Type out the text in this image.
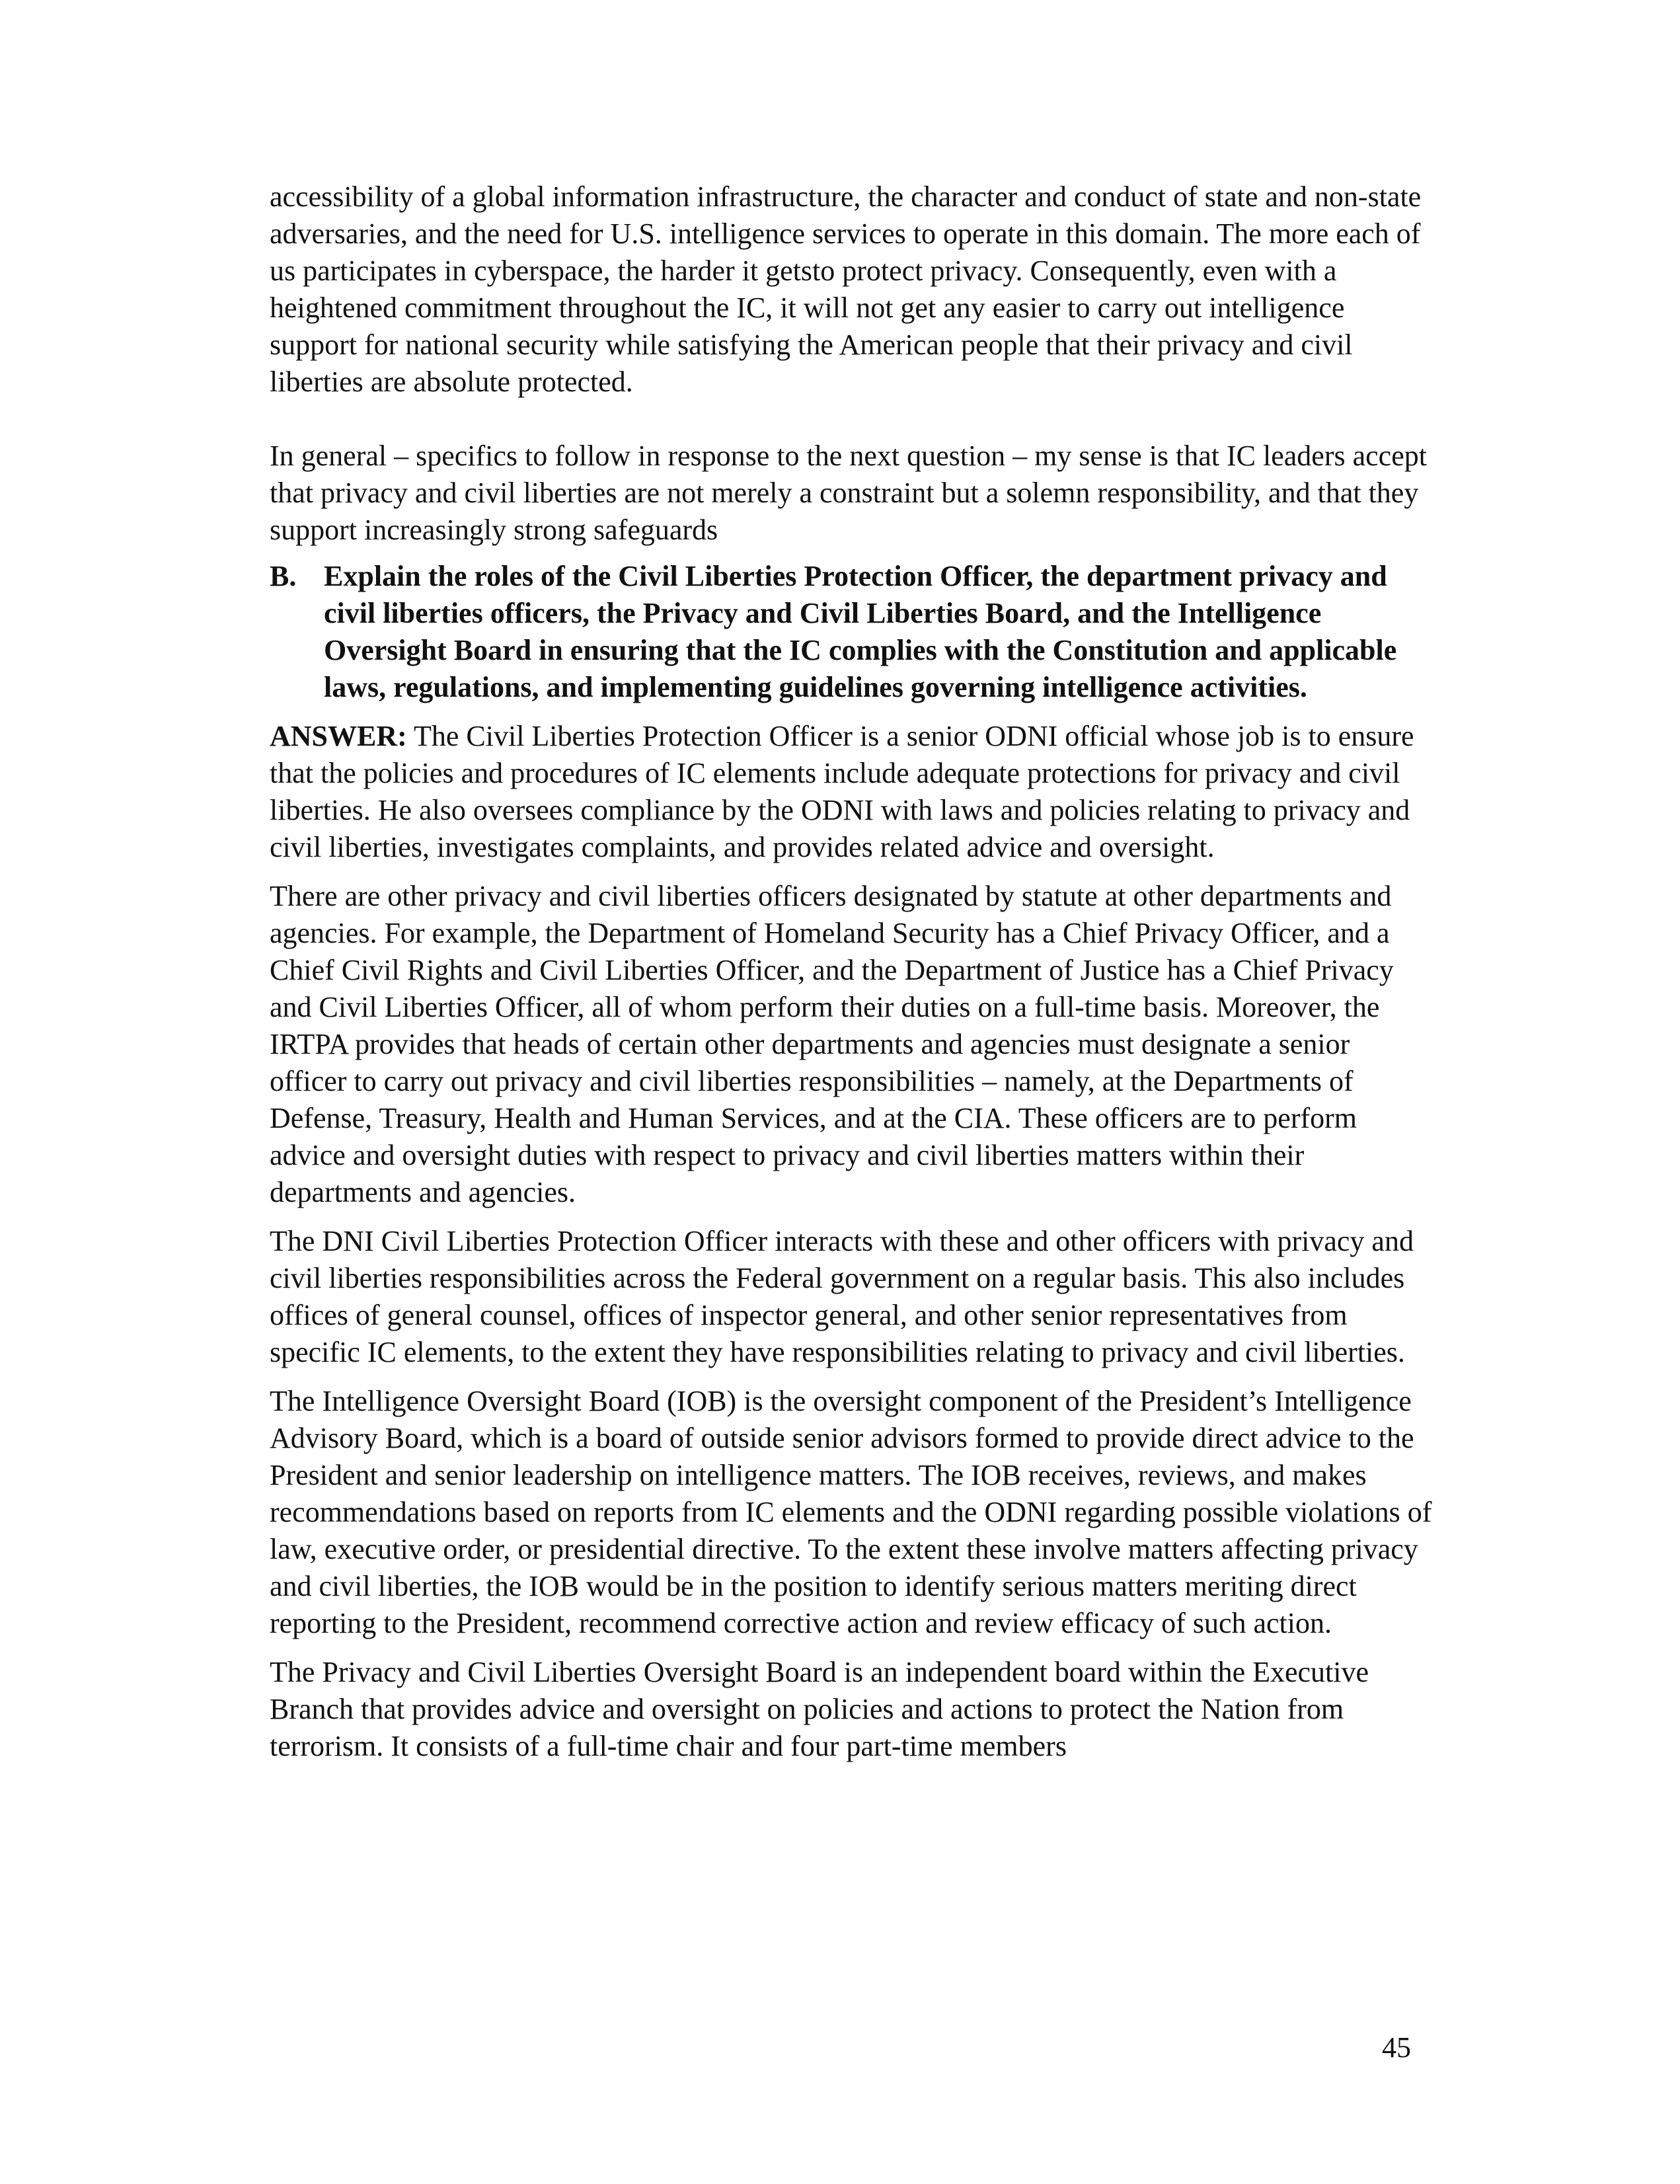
accessibility of a global information infrastructure, the character and conduct of state and non-state adversaries, and the need for U.S. intelligence services to operate in this domain. The more each of us participates in cyberspace, the harder it getsto protect privacy. Consequently, even with a heightened commitment throughout the IC, it will not get any easier to carry out intelligence support for national security while satisfying the American people that their privacy and civil liberties are absolute protected.

In general – specifics to follow in response to the next question – my sense is that IC leaders accept that privacy and civil liberties are not merely a constraint but a solemn responsibility, and that they support increasingly strong safeguards

B. Explain the roles of the Civil Liberties Protection Officer, the department privacy and civil liberties officers, the Privacy and Civil Liberties Board, and the Intelligence Oversight Board in ensuring that the IC complies with the Constitution and applicable laws, regulations, and implementing guidelines governing intelligence activities.

ANSWER: The Civil Liberties Protection Officer is a senior ODNI official whose job is to ensure that the policies and procedures of IC elements include adequate protections for privacy and civil liberties. He also oversees compliance by the ODNI with laws and policies relating to privacy and civil liberties, investigates complaints, and provides related advice and oversight.

There are other privacy and civil liberties officers designated by statute at other departments and agencies. For example, the Department of Homeland Security has a Chief Privacy Officer, and a Chief Civil Rights and Civil Liberties Officer, and the Department of Justice has a Chief Privacy and Civil Liberties Officer, all of whom perform their duties on a full-time basis. Moreover, the IRTPA provides that heads of certain other departments and agencies must designate a senior officer to carry out privacy and civil liberties responsibilities – namely, at the Departments of Defense, Treasury, Health and Human Services, and at the CIA. These officers are to perform advice and oversight duties with respect to privacy and civil liberties matters within their departments and agencies.

The DNI Civil Liberties Protection Officer interacts with these and other officers with privacy and civil liberties responsibilities across the Federal government on a regular basis. This also includes offices of general counsel, offices of inspector general, and other senior representatives from specific IC elements, to the extent they have responsibilities relating to privacy and civil liberties.

The Intelligence Oversight Board (IOB) is the oversight component of the President’s Intelligence Advisory Board, which is a board of outside senior advisors formed to provide direct advice to the President and senior leadership on intelligence matters. The IOB receives, reviews, and makes recommendations based on reports from IC elements and the ODNI regarding possible violations of law, executive order, or presidential directive. To the extent these involve matters affecting privacy and civil liberties, the IOB would be in the position to identify serious matters meriting direct reporting to the President, recommend corrective action and review efficacy of such action.

The Privacy and Civil Liberties Oversight Board is an independent board within the Executive Branch that provides advice and oversight on policies and actions to protect the Nation from terrorism. It consists of a full-time chair and four part-time members

45
